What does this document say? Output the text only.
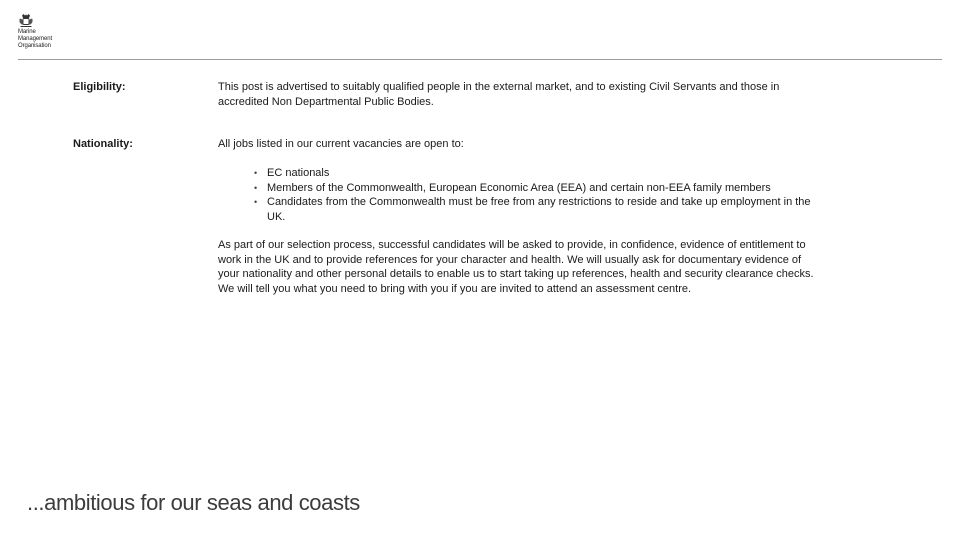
Marine
Management
Organisation
Eligibility:	This post is advertised to suitably qualified people in the external market, and to existing Civil Servants and those in accredited Non Departmental Public Bodies.

Nationality:	All jobs listed in our current vacancies are open to:

• EC nationals
• Members of the Commonwealth, European Economic Area (EEA) and certain non-EEA family members
• Candidates from the Commonwealth must be free from any restrictions to reside and take up employment in the UK.

As part of our selection process, successful candidates will be asked to provide, in confidence, evidence of entitlement to work in the UK and to provide references for your character and health. We will usually ask for documentary evidence of your nationality and other personal details to enable us to start taking up references, health and security clearance checks. We will tell you what you need to bring with you if you are invited to attend an assessment centre.

...ambitious for our seas and coasts
